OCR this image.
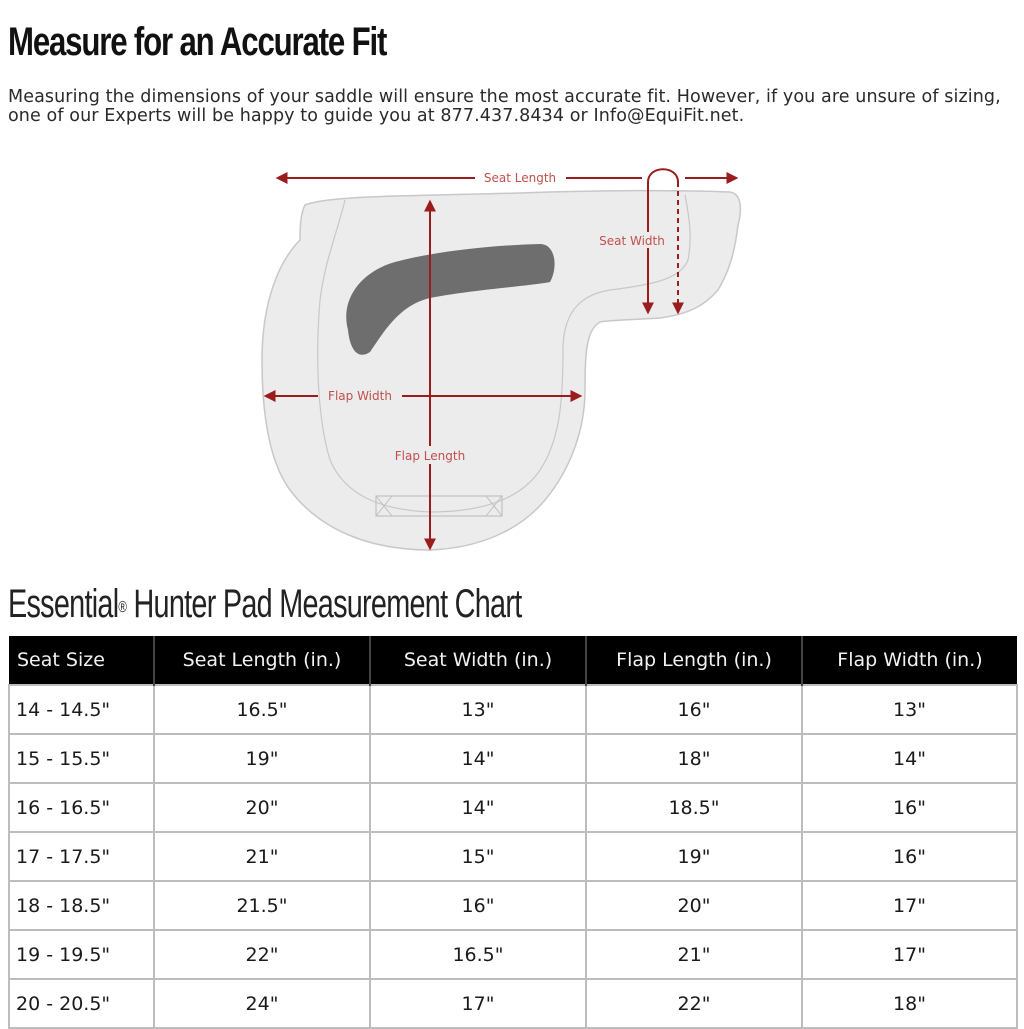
Measure for an Accurate Fit
Measuring the dimensions of your saddle will ensure the most accurate fit. However, if you are unsure of sizing, one of our Experts will be happy to guide you at 877.437.8434 or Info@EquiFit.net.
Seat Length
Seat Width
Flap Length
Flap Width
Essential® Hunter Pad Measurement Chart
Seat Size	Seat Length (in.)	Seat Width (in.)	Flap Length (in.)	Flap Width (in.)
14 - 14.5"	16.5"	13"	16"	13"
15 - 15.5"	19"	14"	18"	14"
16 - 16.5"	20"	14"	18.5"	16"
17 - 17.5"	21"	15"	19"	16"
18 - 18.5"	21.5"	16"	20"	17"
19 - 19.5"	22"	16.5"	21"	17"
20 - 20.5"	24"	17"	22"	18"
